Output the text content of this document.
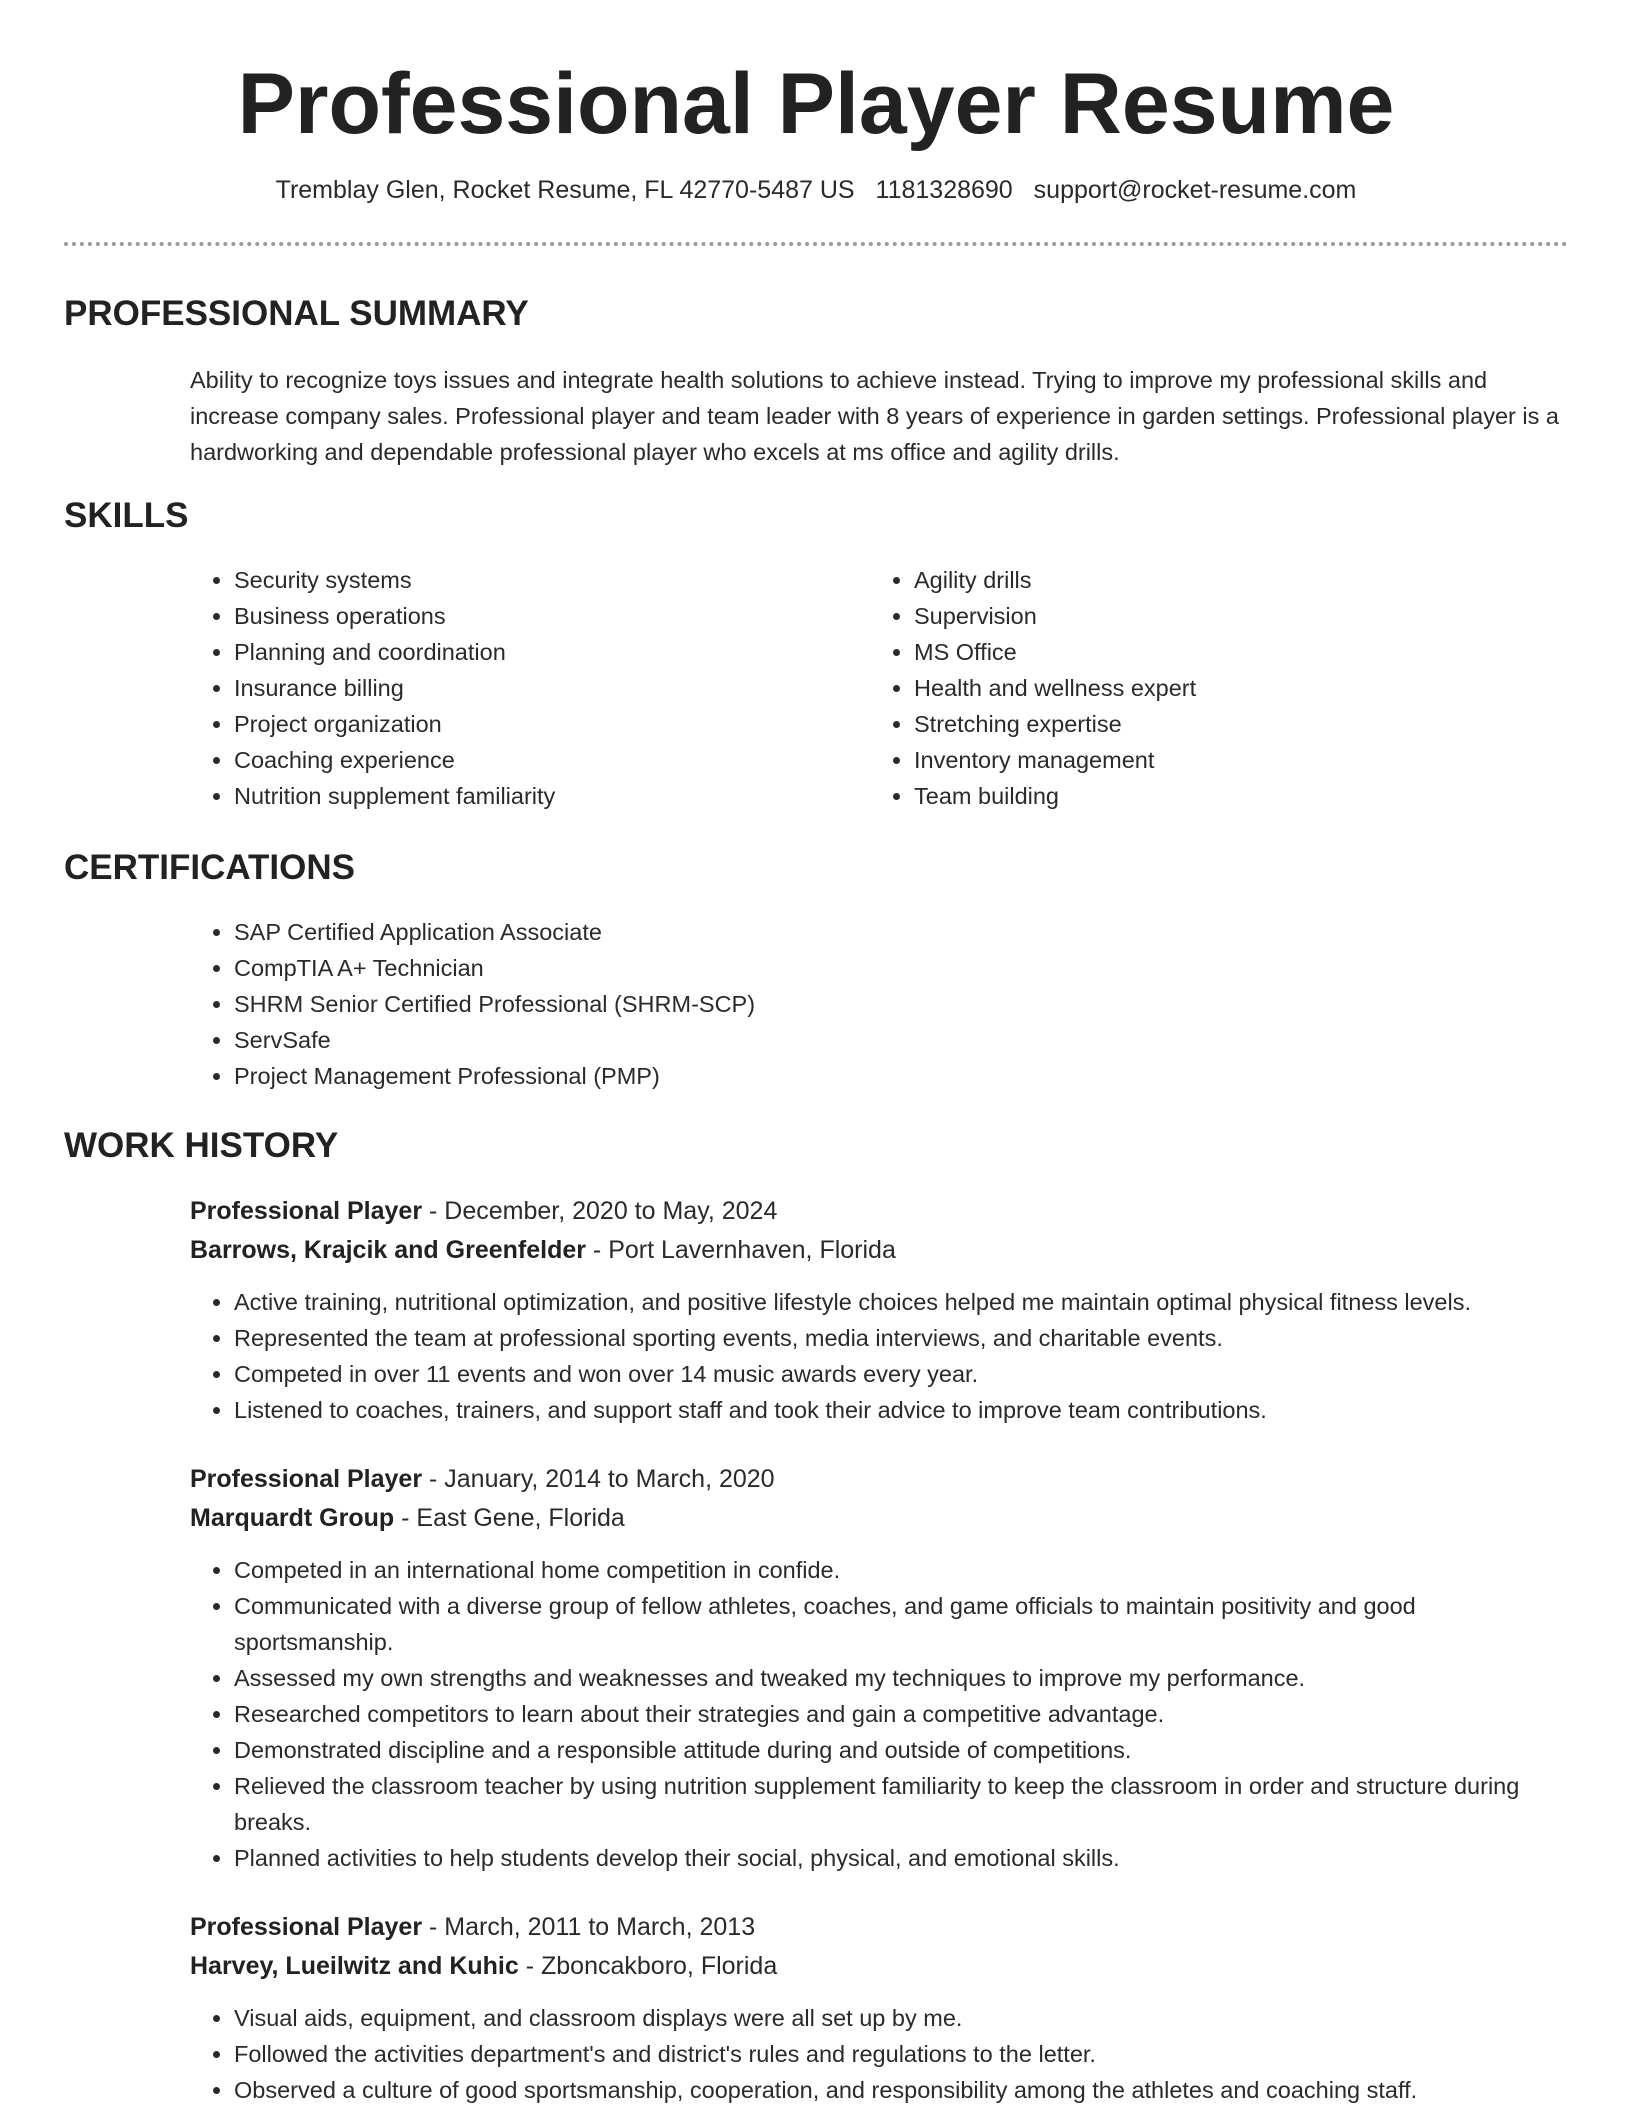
Professional Player Resume
Tremblay Glen, Rocket Resume, FL 42770-5487 US 1181328690 support@rocket-resume.com
PROFESSIONAL SUMMARY

Ability to recognize toys issues and integrate health solutions to achieve instead. Trying to improve my professional skills and increase company sales. Professional player and team leader with 8 years of experience in garden settings. Professional player is a hardworking and dependable professional player who excels at ms office and agility drills.

SKILLS
• Security systems
• Business operations
• Planning and coordination
• Insurance billing
• Project organization
• Coaching experience
• Nutrition supplement familiarity
• Agility drills
• Supervision
• MS Office
• Health and wellness expert
• Stretching expertise
• Inventory management
• Team building
CERTIFICATIONS
• SAP Certified Application Associate
• CompTIA A+ Technician
• SHRM Senior Certified Professional (SHRM-SCP)
• ServSafe
• Project Management Professional (PMP)
WORK HISTORY
Professional Player - December, 2020 to May, 2024
Barrows, Krajcik and Greenfelder - Port Lavernhaven, Florida
• Active training, nutritional optimization, and positive lifestyle choices helped me maintain optimal physical fitness levels.
• Represented the team at professional sporting events, media interviews, and charitable events.
• Competed in over 11 events and won over 14 music awards every year.
• Listened to coaches, trainers, and support staff and took their advice to improve team contributions.
Professional Player - January, 2014 to March, 2020
Marquardt Group - East Gene, Florida
• Competed in an international home competition in confide.
• Communicated with a diverse group of fellow athletes, coaches, and game officials to maintain positivity and good sportsmanship.
• Assessed my own strengths and weaknesses and tweaked my techniques to improve my performance.
• Researched competitors to learn about their strategies and gain a competitive advantage.
• Demonstrated discipline and a responsible attitude during and outside of competitions.
• Relieved the classroom teacher by using nutrition supplement familiarity to keep the classroom in order and structure during breaks.
• Planned activities to help students develop their social, physical, and emotional skills.
Professional Player - March, 2011 to March, 2013
Harvey, Lueilwitz and Kuhic - Zboncakboro, Florida
• Visual aids, equipment, and classroom displays were all set up by me.
• Followed the activities department's and district's rules and regulations to the letter.
• Observed a culture of good sportsmanship, cooperation, and responsibility among the athletes and coaching staff.
